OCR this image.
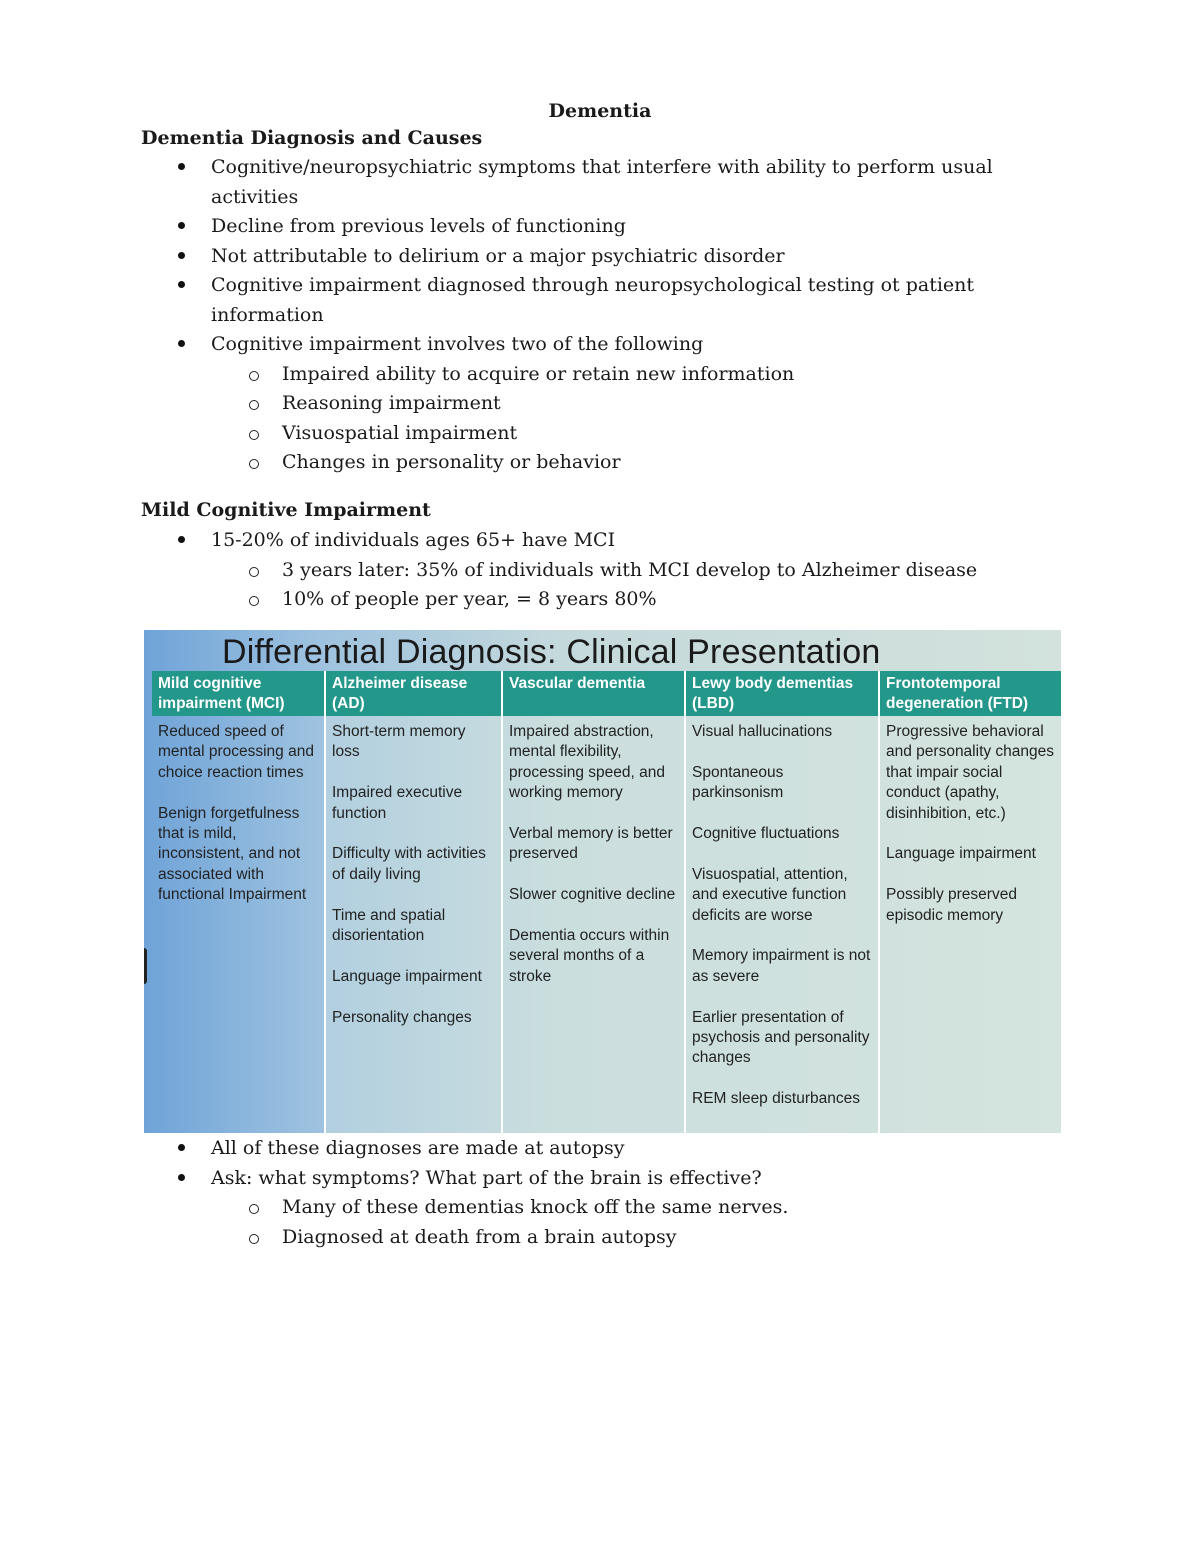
Dementia
Dementia Diagnosis and Causes
Cognitive/neuropsychiatric symptoms that interfere with ability to perform usual activities
Decline from previous levels of functioning
Not attributable to delirium or a major psychiatric disorder
Cognitive impairment diagnosed through neuropsychological testing ot patient information
Cognitive impairment involves two of the following
Impaired ability to acquire or retain new information
Reasoning impairment
Visuospatial impairment
Changes in personality or behavior
Mild Cognitive Impairment
15-20% of individuals ages 65+ have MCI
3 years later: 35% of individuals with MCI develop to Alzheimer disease
10% of people per year, = 8 years 80%
Differential Diagnosis: Clinical Presentation
Mild cognitive impairment (MCI)
Alzheimer disease (AD)
Vascular dementia	Lewy body dementias (LBD)
Frontotemporal degeneration (FTD)
Reduced speed of mental processing and choice reaction times
Benign forgetfulness that is mild, inconsistent, and not associated with functional Impairment
Short-term memory loss
Impaired executive function
Difficulty with activities of daily living
Time and spatial disorientation
Language impairment
Personality changes
Impaired abstraction, mental flexibility, processing speed, and working memory
Verbal memory is better preserved
Slower cognitive decline
Dementia occurs within several months of a stroke
Visual hallucinations
Spontaneous parkinsonism
Cognitive fluctuations
Visuospatial, attention, and executive function deficits are worse
Memory impairment is not as severe
Earlier presentation of psychosis and personality changes
REM sleep disturbances
Progressive behavioral and personality changes that impair social conduct (apathy, disinhibition, etc.)
Language impairment
Possibly preserved episodic memory
All of these diagnoses are made at autopsy
Ask: what symptoms? What part of the brain is effective?
Many of these dementias knock off the same nerves.
Diagnosed at death from a brain autopsy
